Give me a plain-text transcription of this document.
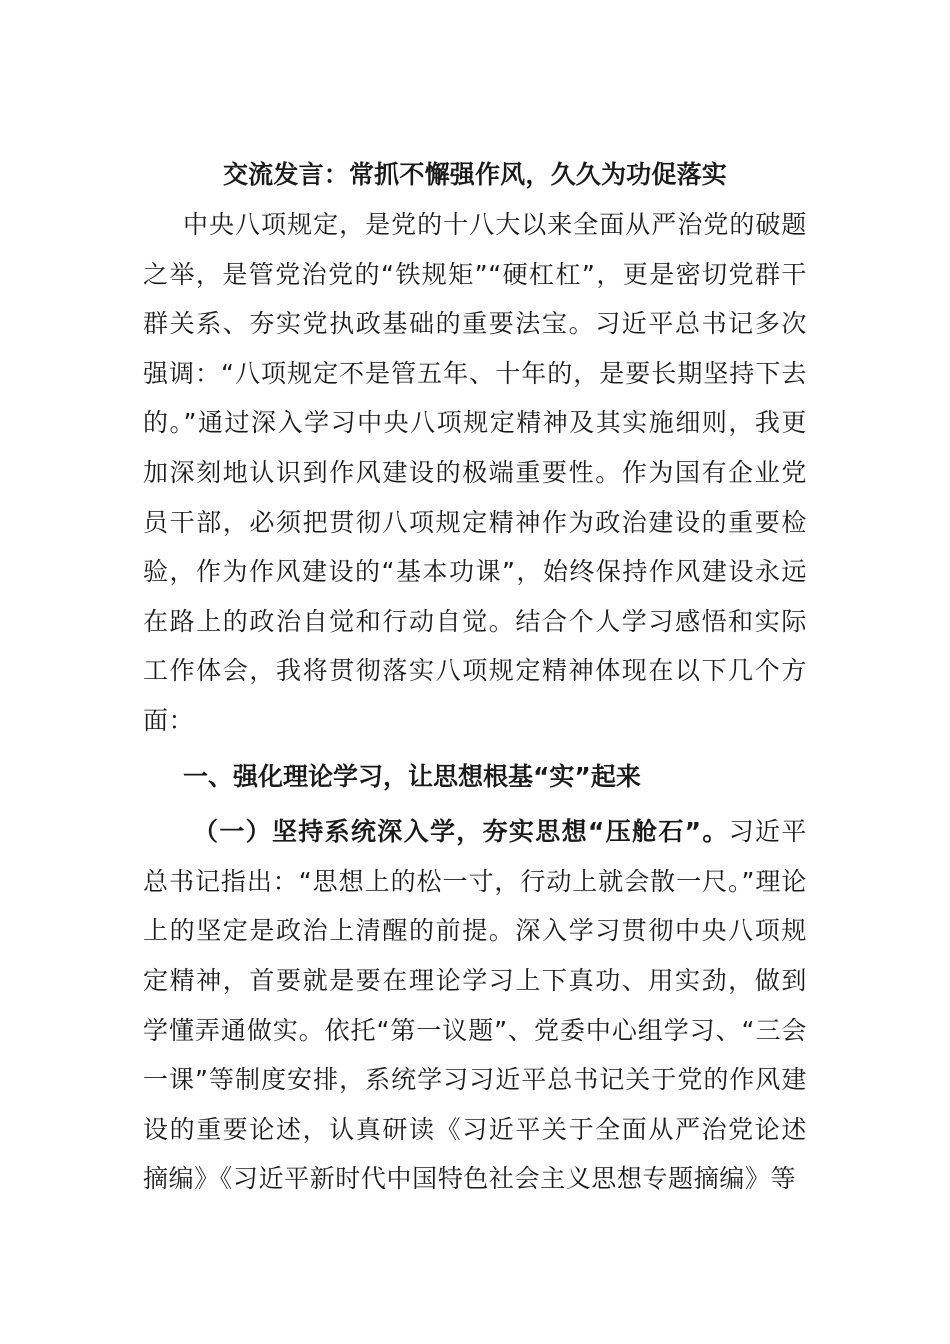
交流发言：常抓不懈强作风，久久为功促落实

中央八项规定，是党的十八大以来全面从严治党的破题之举，是管党治党的“铁规矩”“硬杠杠”，更是密切党群干群关系、夯实党执政基础的重要法宝。习近平总书记多次强调：“八项规定不是管五年、十年的，是要长期坚持下去的。”通过深入学习中央八项规定精神及其实施细则，我更加深刻地认识到作风建设的极端重要性。作为国有企业党员干部，必须把贯彻八项规定精神作为政治建设的重要检验，作为作风建设的“基本功课”，始终保持作风建设永远在路上的政治自觉和行动自觉。结合个人学习感悟和实际工作体会，我将贯彻落实八项规定精神体现在以下几个方面：

一、强化理论学习，让思想根基“实”起来

（一）坚持系统深入学，夯实思想“压舱石”。习近平总书记指出：“思想上的松一寸，行动上就会散一尺。”理论上的坚定是政治上清醒的前提。深入学习贯彻中央八项规定精神，首要就是要在理论学习上下真功、用实劲，做到学懂弄通做实。依托“第一议题”、党委中心组学习、“三会一课”等制度安排，系统学习习近平总书记关于党的作风建设的重要论述，认真研读《习近平关于全面从严治党论述摘编》《习近平新时代中国特色社会主义思想专题摘编》等
